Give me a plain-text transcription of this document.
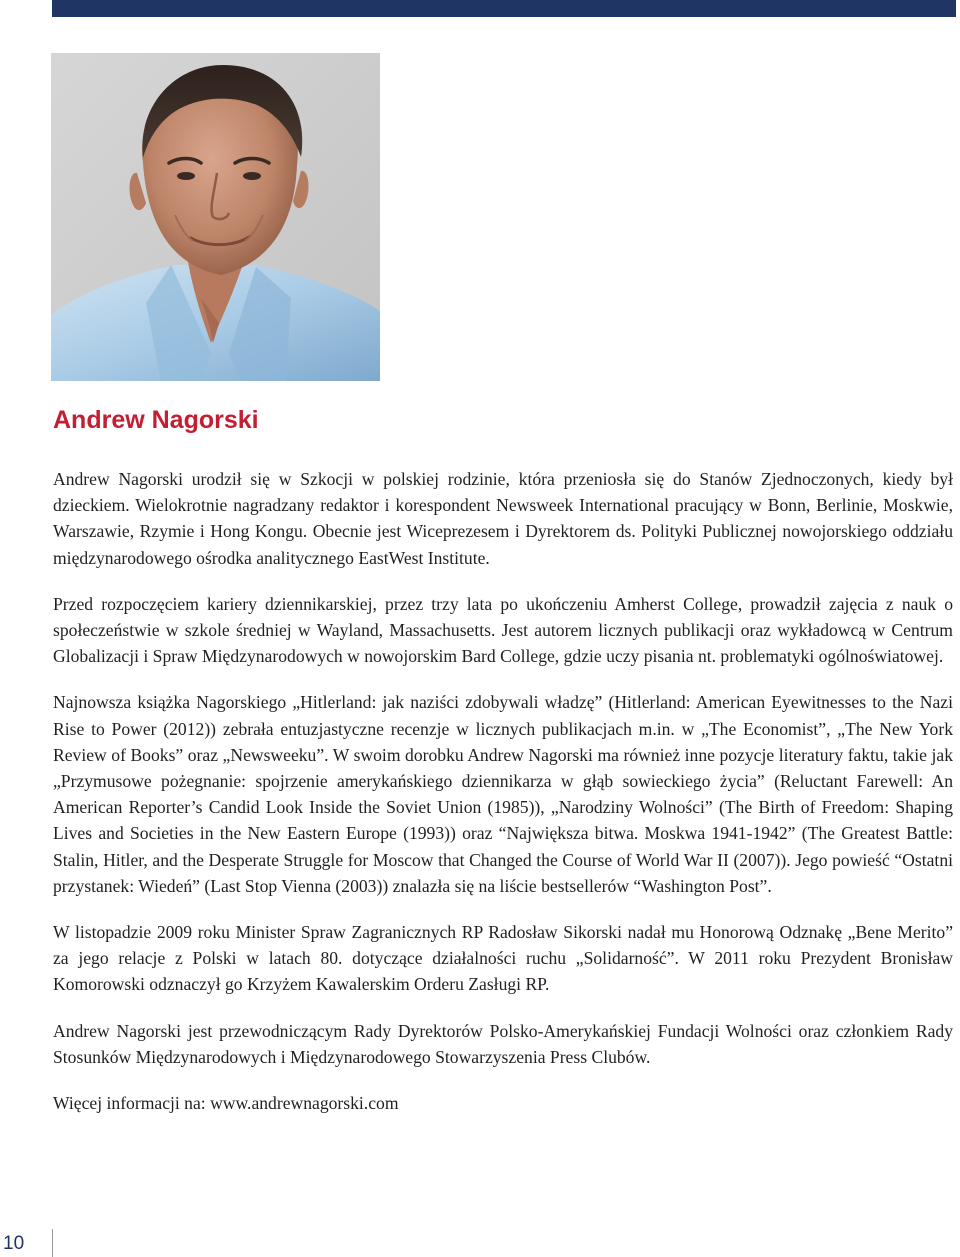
Andrew Nagorski

Andrew Nagorski urodził się w Szkocji w polskiej rodzinie, która przeniosła się do Stanów Zjednoczonych, kiedy był dzieckiem. Wielokrotnie nagradzany redaktor i korespondent Newsweek International pracujący w Bonn, Berlinie, Moskwie, Warszawie, Rzymie i Hong Kongu. Obecnie jest Wiceprezesem i Dyrektorem ds. Polityki Publicznej nowojorskiego oddziału międzynarodowego ośrodka analitycznego EastWest Institute.

Przed rozpoczęciem kariery dziennikarskiej, przez trzy lata po ukończeniu Amherst College, prowadził zajęcia z nauk o społeczeństwie w szkole średniej w Wayland, Massachusetts. Jest autorem licznych publikacji oraz wykładowcą w Centrum Globalizacji i Spraw Międzynarodowych w nowojorskim Bard College, gdzie uczy pisania nt. problematyki ogólnoświatowej.

Najnowsza książka Nagorskiego „Hitlerland: jak naziści zdobywali władzę” (Hitlerland: American Eyewitnesses to the Nazi Rise to Power (2012)) zebrała entuzjastyczne recenzje w licznych publikacjach m.in. w „The Economist”, „The New York Review of Books” oraz „Newsweeku”. W swoim dorobku Andrew Nagorski ma również inne pozycje literatury faktu, takie jak „Przymusowe pożegnanie: spojrzenie amerykańskiego dziennikarza w głąb sowieckiego życia” (Reluctant Farewell: An American Reporter’s Candid Look Inside the Soviet Union (1985)), „Narodziny Wolności” (The Birth of Freedom: Shaping Lives and Societies in the New Eastern Europe (1993)) oraz “Największa bitwa. Moskwa 1941-1942” (The Greatest Battle: Stalin, Hitler, and the Desperate Struggle for Moscow that Changed the Course of World War II (2007)). Jego powieść “Ostatni przystanek: Wiedeń” (Last Stop Vienna (2003)) znalazła się na liście bestsellerów “Washington Post”.

W listopadzie 2009 roku Minister Spraw Zagranicznych RP Radosław Sikorski nadał mu Honorową Odznakę „Bene Merito” za jego relacje z Polski w latach 80. dotyczące działalności ruchu „Solidarność”. W 2011 roku Prezydent Bronisław Komorowski odznaczył go Krzyżem Kawalerskim Orderu Zasługi RP.

Andrew Nagorski jest przewodniczącym Rady Dyrektorów Polsko-Amerykańskiej Fundacji Wolności oraz członkiem Rady Stosunków Międzynarodowych i Międzynarodowego Stowarzyszenia Press Clubów.

Więcej informacji na: www.andrewnagorski.com

10
